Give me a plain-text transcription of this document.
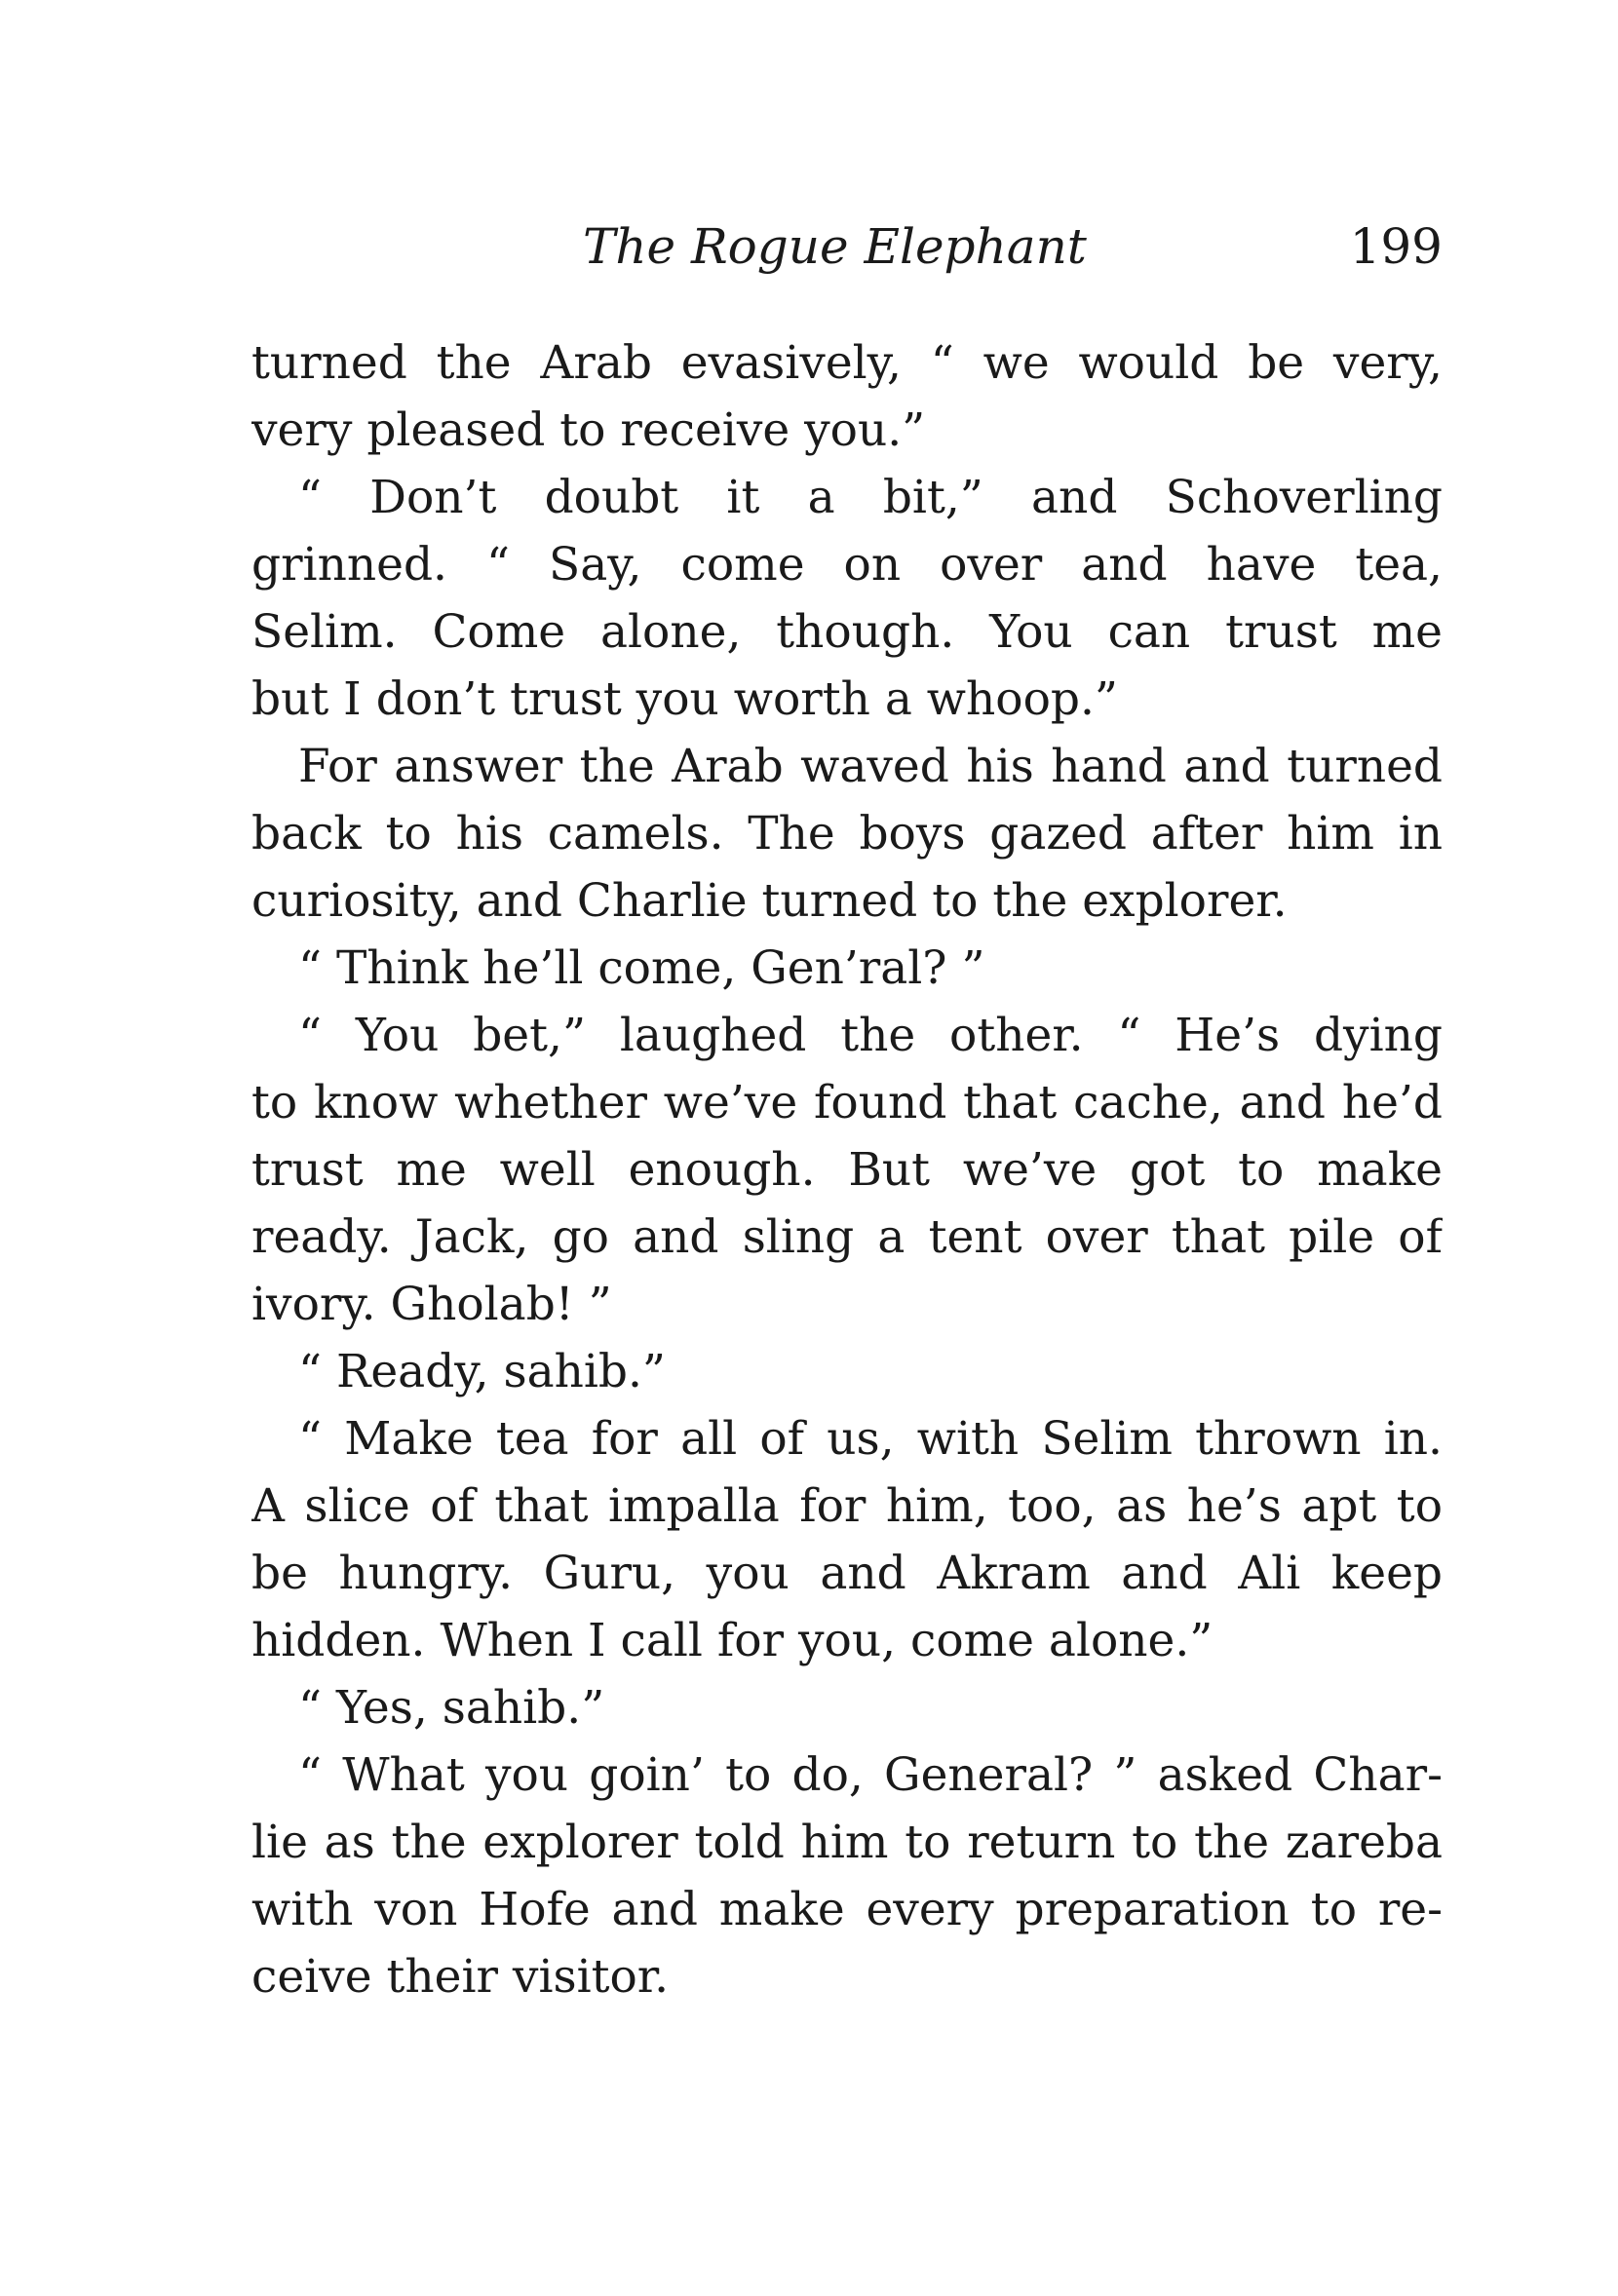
The Rogue Elephant	199
turned the Arab evasively, “ we would be very,
very pleased to receive you.”
“ Don’t doubt it a bit,” and Schoverling
grinned. “ Say, come on over and have tea,
Selim. Come alone, though. You can trust me
but I don’t trust you worth a whoop.”
For answer the Arab waved his hand and turned
back to his camels. The boys gazed after him in
curiosity, and Charlie turned to the explorer.
“ Think he’ll come, Gen’ral? ”
“ You bet,” laughed the other. “ He’s dying
to know whether we’ve found that cache, and he’d
trust me well enough. But we’ve got to make
ready. Jack, go and sling a tent over that pile of
ivory. Gholab! ”
“ Ready, sahib.”
“ Make tea for all of us, with Selim thrown in.
A slice of that impalla for him, too, as he’s apt to
be hungry. Guru, you and Akram and Ali keep
hidden. When I call for you, come alone.”
“ Yes, sahib.”
“ What you goin’ to do, General? ” asked Char-
lie as the explorer told him to return to the zareba
with von Hofe and make every preparation to re-
ceive their visitor.
